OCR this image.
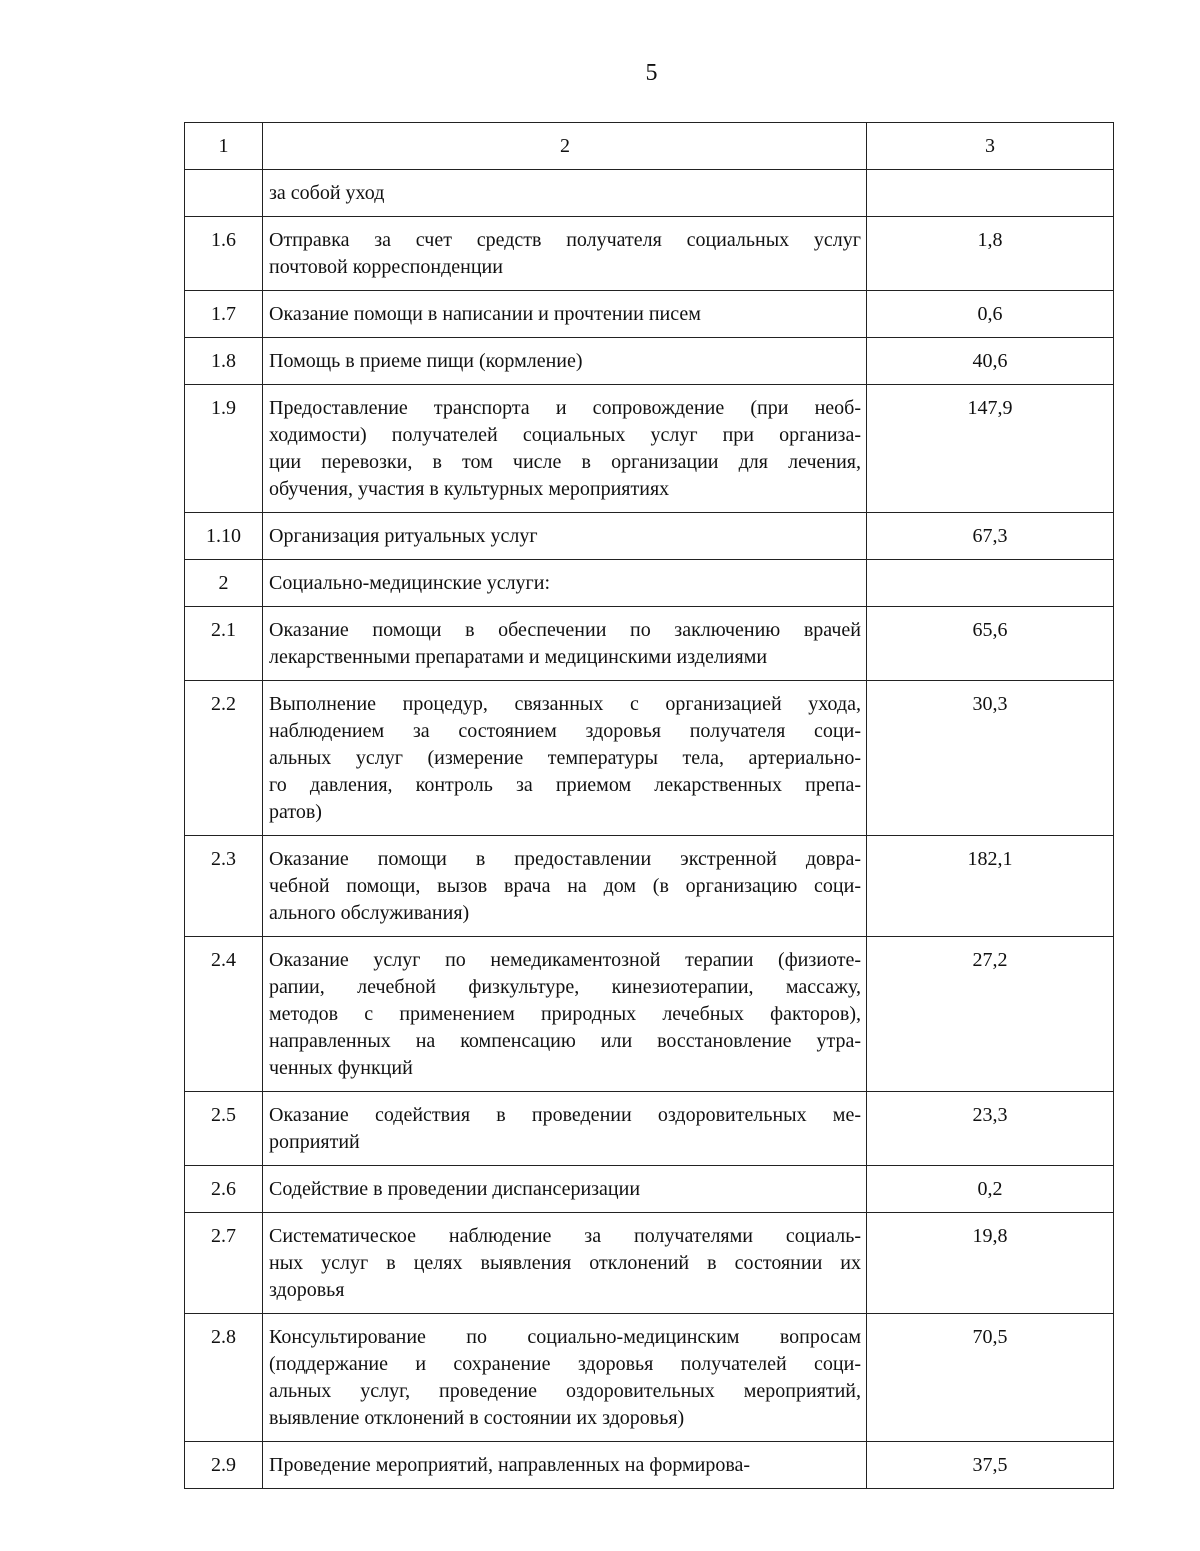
5
1	2	3

	за собой уход	

1.6	Отправка за счет средств получателя социальных услуг
почтовой корреспонденции	1,8
1.7	Оказание помощи в написании и прочтении писем	0,6
1.8	Помощь в приеме пищи (кормление)	40,6
1.9	Предоставление транспорта и сопровождение (при необ-
ходимости) получателей социальных услуг при организа-
ции перевозки, в том числе в организации для лечения,
обучения, участия в культурных мероприятиях	147,9
1.10	Организация ритуальных услуг	67,3
2	Социально-медицинские услуги:	

2.1	Оказание помощи в обеспечении по заключению врачей
лекарственными препаратами и медицинскими изделиями	65,6
2.2	Выполнение процедур, связанных с организацией ухода,
наблюдением за состоянием здоровья получателя соци-
альных услуг (измерение температуры тела, артериально-
го давления, контроль за приемом лекарственных препа-
ратов)	30,3
2.3	Оказание помощи в предоставлении экстренной довра-
чебной помощи, вызов врача на дом (в организацию соци-
ального обслуживания)	182,1
2.4	Оказание услуг по немедикаментозной терапии (физиоте-
рапии, лечебной физкультуре, кинезиотерапии, массажу,
методов с применением природных лечебных факторов),
направленных на компенсацию или восстановление утра-
ченных функций	27,2
2.5	Оказание содействия в проведении оздоровительных ме-
роприятий	23,3
2.6	Содействие в проведении диспансеризации	0,2
2.7	Систематическое наблюдение за получателями социаль-
ных услуг в целях выявления отклонений в состоянии их
здоровья	19,8
2.8	Консультирование по социально-медицинским вопросам
(поддержание и сохранение здоровья получателей соци-
альных услуг, проведение оздоровительных мероприятий,
выявление отклонений в состоянии их здоровья)	70,5
2.9	Проведение мероприятий, направленных на формирова-	37,5
